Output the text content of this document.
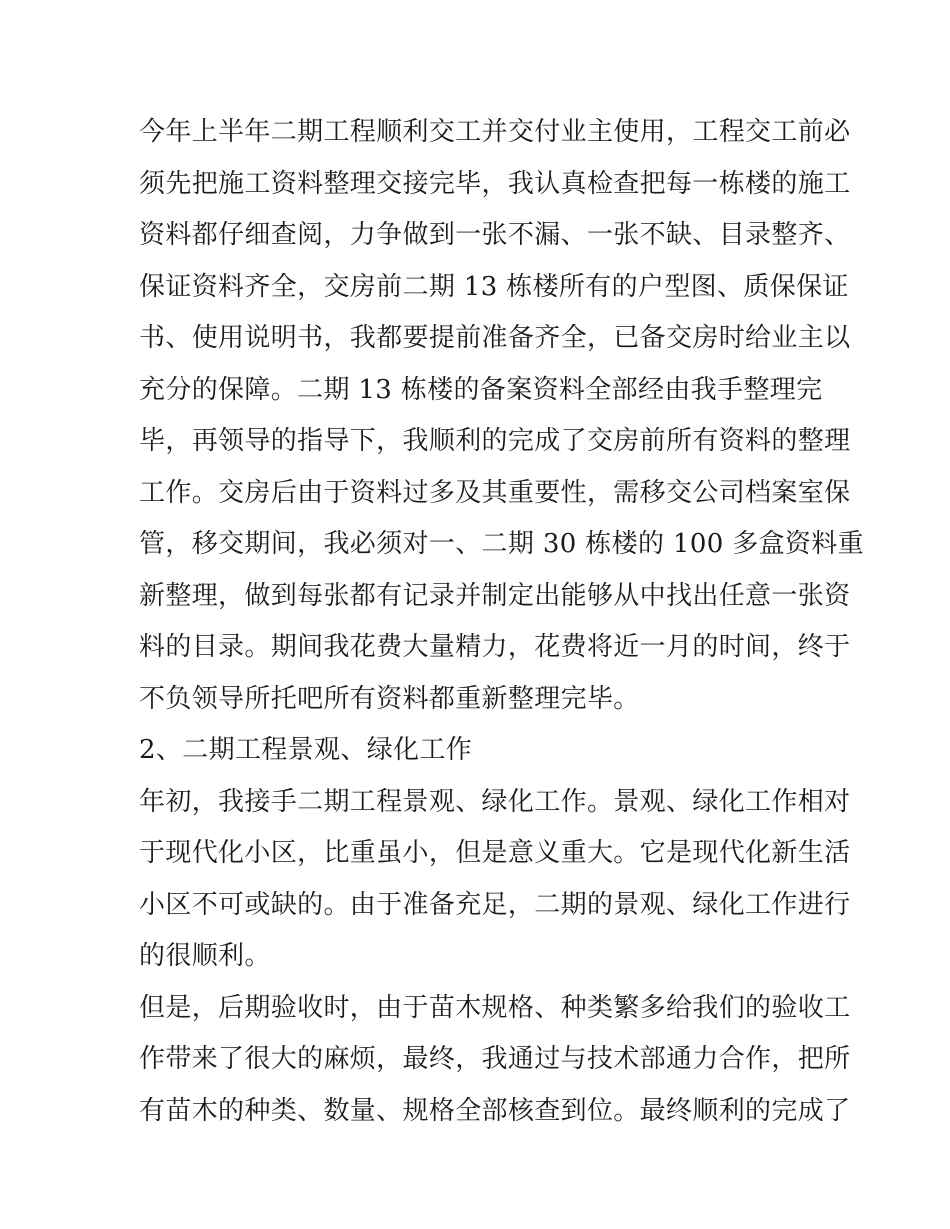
今年上半年二期工程顺利交工并交付业主使用，工程交工前必
须先把施工资料整理交接完毕，我认真检查把每一栋楼的施工
资料都仔细查阅，力争做到一张不漏、一张不缺、目录整齐、
保证资料齐全，交房前二期 13 栋楼所有的户型图、质保保证
书、使用说明书，我都要提前准备齐全，已备交房时给业主以
充分的保障。二期 13 栋楼的备案资料全部经由我手整理完
毕，再领导的指导下，我顺利的完成了交房前所有资料的整理
工作。交房后由于资料过多及其重要性，需移交公司档案室保
管，移交期间，我必须对一、二期 30 栋楼的 100 多盒资料重
新整理，做到每张都有记录并制定出能够从中找出任意一张资
料的目录。期间我花费大量精力，花费将近一月的时间，终于
不负领导所托吧所有资料都重新整理完毕。
2、二期工程景观、绿化工作
年初，我接手二期工程景观、绿化工作。景观、绿化工作相对
于现代化小区，比重虽小，但是意义重大。它是现代化新生活
小区不可或缺的。由于准备充足，二期的景观、绿化工作进行
的很顺利。
但是，后期验收时，由于苗木规格、种类繁多给我们的验收工
作带来了很大的麻烦，最终，我通过与技术部通力合作，把所
有苗木的种类、数量、规格全部核查到位。最终顺利的完成了
